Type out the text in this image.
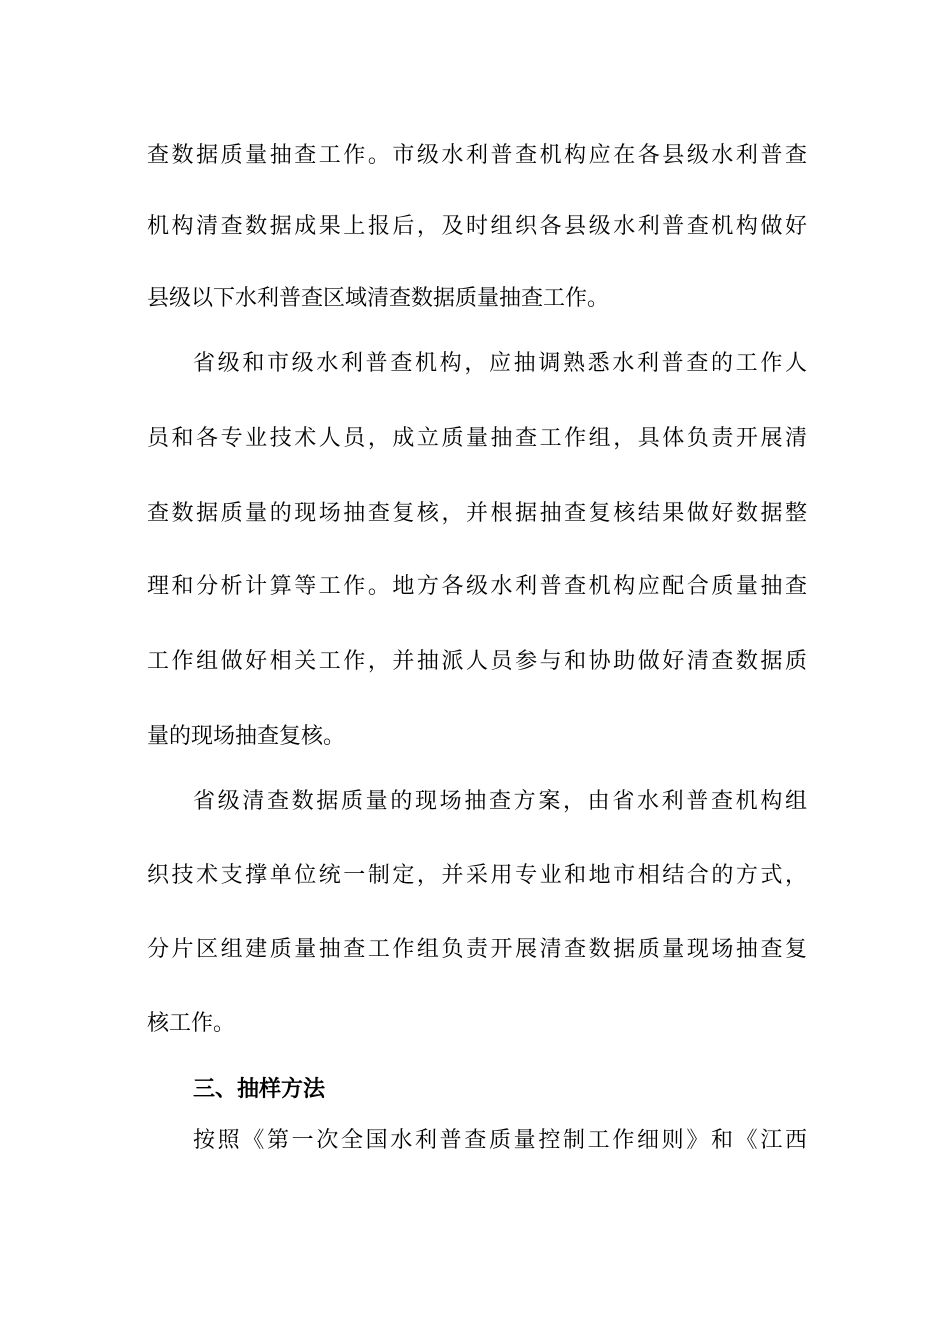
查数据质量抽查工作。市级水利普查机构应在各县级水利普查
机构清查数据成果上报后，及时组织各县级水利普查机构做好
县级以下水利普查区域清查数据质量抽查工作。
省级和市级水利普查机构，应抽调熟悉水利普查的工作人
员和各专业技术人员，成立质量抽查工作组，具体负责开展清
查数据质量的现场抽查复核，并根据抽查复核结果做好数据整
理和分析计算等工作。地方各级水利普查机构应配合质量抽查
工作组做好相关工作，并抽派人员参与和协助做好清查数据质
量的现场抽查复核。
省级清查数据质量的现场抽查方案，由省水利普查机构组
织技术支撑单位统一制定，并采用专业和地市相结合的方式，
分片区组建质量抽查工作组负责开展清查数据质量现场抽查复
核工作。
三、抽样方法
按照《第一次全国水利普查质量控制工作细则》和《江西
